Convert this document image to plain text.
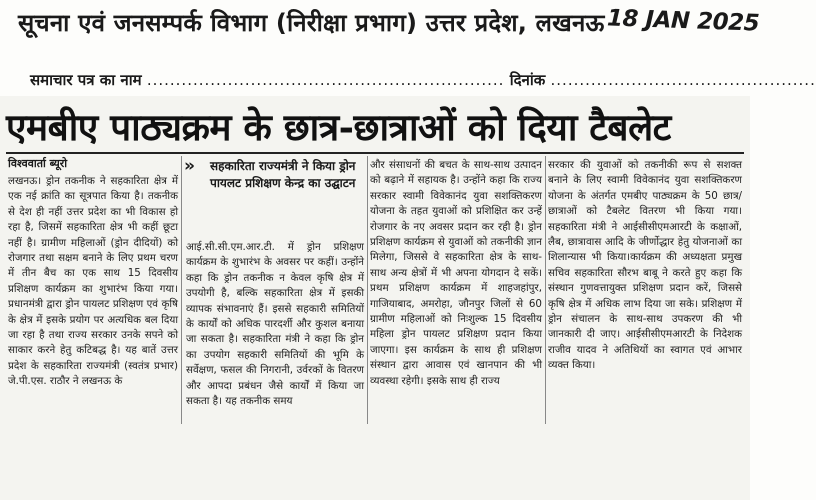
सूचना एवं जनसम्पर्क विभाग (निरीक्षा प्रभाग) उत्तर प्रदेश, लखनऊ 18 JAN 2025
समाचार पत्र का नाम .............................................................. दिनांक ..............................................
एमबीए पाठ्यक्रम के छात्र-छात्राओं को दिया टैबलेट
विश्ववार्ता ब्यूरो

लखनऊ। ड्रोन तकनीक ने सहकारिता क्षेत्र में एक नई क्रांति का सूत्रपात किया है। तकनीक से देश ही नहीं उत्तर प्रदेश का भी विकास हो रहा है, जिसमें सहकारिता क्षेत्र भी कहीं छूटा नहीं है। ग्रामीण महिलाओं (ड्रोन दीदियों) को रोजगार तथा सक्षम बनाने के लिए प्रथम चरण में तीन बैच का एक साथ 15 दिवसीय प्रशिक्षण कार्यक्रम का शुभारंभ किया गया। प्रधानमंत्री द्वारा ड्रोन पायलट प्रशिक्षण एवं कृषि के क्षेत्र में इसके प्रयोग पर अत्यधिक बल दिया जा रहा है तथा राज्य सरकार उनके सपने को साकार करने हेतु कटिबद्ध है। यह बातें उत्तर प्रदेश के सहकारिता राज्यमंत्री (स्वतंत्र प्रभार) जे.पी.एस. राठौर ने लखनऊ के

» सहकारिता राज्यमंत्री ने किया ड्रोन पायलट प्रशिक्षण केन्द्र का उद्घाटन

आई.सी.सी.एम.आर.टी. में ड्रोन प्रशिक्षण कार्यक्रम के शुभारंभ के अवसर पर कहीं। उन्होंने कहा कि ड्रोन तकनीक न केवल कृषि क्षेत्र में उपयोगी है, बल्कि सहकारिता क्षेत्र में इसकी व्यापक संभावनाएं हैं। इससे सहकारी समितियों के कार्यों को अधिक पारदर्शी और कुशल बनाया जा सकता है। सहकारिता मंत्री ने कहा कि ड्रोन का उपयोग सहकारी समितियों की भूमि के सर्वेक्षण, फसल की निगरानी, उर्वरकों के वितरण और आपदा प्रबंधन जैसे कार्यों में किया जा सकता है। यह तकनीक समय

और संसाधनों की बचत के साथ-साथ उत्पादन को बढ़ाने में सहायक है। उन्होंने कहा कि राज्य सरकार स्वामी विवेकानंद युवा सशक्तिकरण योजना के तहत युवाओं को प्रशिक्षित कर उन्हें रोजगार के नए अवसर प्रदान कर रही है। ड्रोन प्रशिक्षण कार्यक्रम से युवाओं को तकनीकी ज्ञान मिलेगा, जिससे वे सहकारिता क्षेत्र के साथ-साथ अन्य क्षेत्रों में भी अपना योगदान दे सकें। प्रथम प्रशिक्षण कार्यक्रम में शाहजहांपुर, गाजियाबाद, अमरोहा, जौनपुर जिलों से 60 ग्रामीण महिलाओं को निःशुल्क 15 दिवसीय महिला ड्रोन पायलट प्रशिक्षण प्रदान किया जाएगा। इस कार्यक्रम के साथ ही प्रशिक्षण संस्थान द्वारा आवास एवं खानपान की भी व्यवस्था रहेगी। इसके साथ ही राज्य

सरकार की युवाओं को तकनीकी रूप से सशक्त बनाने के लिए स्वामी विवेकानंद युवा सशक्तिकरण योजना के अंतर्गत एमबीए पाठ्यक्रम के 50 छात्र/छात्राओं को टैबलेट वितरण भी किया गया। सहकारिता मंत्री ने आईसीसीएमआरटी के कक्षाओं, लैब, छात्रावास आदि के जीर्णोद्धार हेतु योजनाओं का शिलान्यास भी किया।कार्यक्रम की अध्यक्षता प्रमुख सचिव सहकारिता सौरभ बाबू ने करते हुए कहा कि संस्थान गुणवत्तायुक्त प्रशिक्षण प्रदान करें, जिससे कृषि क्षेत्र में अधिक लाभ दिया जा सके। प्रशिक्षण में ड्रोन संचालन के साथ-साथ उपकरण की भी जानकारी दी जाए। आईसीसीएमआरटी के निदेशक राजीव यादव ने अतिथियों का स्वागत एवं आभार व्यक्त किया।
